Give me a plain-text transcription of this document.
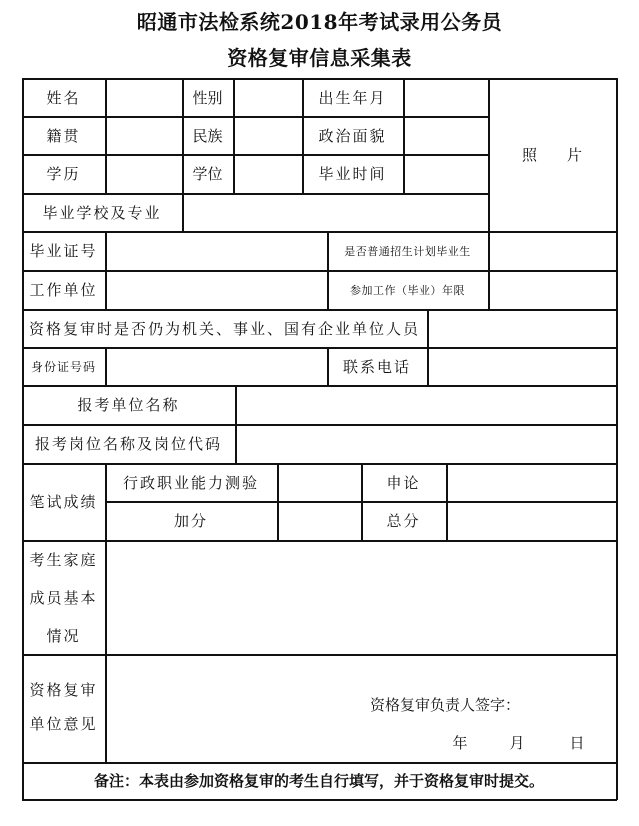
昭通市法检系统2018年考试录用公务员
资格复审信息采集表
姓名	性别	出生年月
照　　片
籍贯	民族	政治面貌
学历	学位	毕业时间
毕业学校及专业
毕业证号	是否普通招生计划毕业生
工作单位	参加工作（毕业）年限
资格复审时是否仍为机关、事业、国有企业单位人员
身份证号码	联系电话
报考单位名称
报考岗位名称及岗位代码
笔试成绩
行政职业能力测验	申论
加分	总分
考生家庭
成员基本
情况
资格复审
单位意见
资格复审负责人签字：
年	月	日
备注：本表由参加资格复审的考生自行填写，并于资格复审时提交。
